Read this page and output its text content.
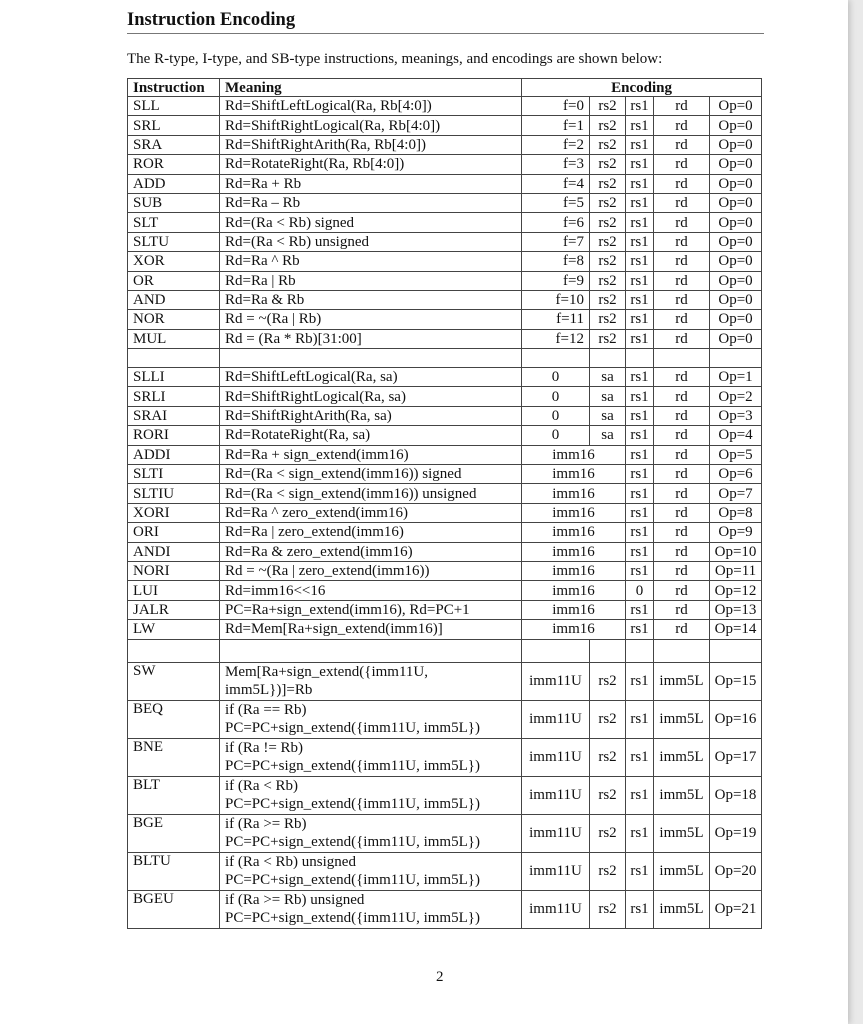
Instruction Encoding

The R-type, I-type, and SB-type instructions, meanings, and encodings are shown below:

Instruction	Meaning	Encoding				
SLL	Rd=ShiftLeftLogical(Ra, Rb[4:0])	f=0	rs2	rs1	rd	Op=0
SRL	Rd=ShiftRightLogical(Ra, Rb[4:0])	f=1	rs2	rs1	rd	Op=0
SRA	Rd=ShiftRightArith(Ra, Rb[4:0])	f=2	rs2	rs1	rd	Op=0
ROR	Rd=RotateRight(Ra, Rb[4:0])	f=3	rs2	rs1	rd	Op=0
ADD	Rd=Ra + Rb	f=4	rs2	rs1	rd	Op=0
SUB	Rd=Ra – Rb	f=5	rs2	rs1	rd	Op=0
SLT	Rd=(Ra < Rb) signed	f=6	rs2	rs1	rd	Op=0
SLTU	Rd=(Ra < Rb) unsigned	f=7	rs2	rs1	rd	Op=0
XOR	Rd=Ra ^ Rb	f=8	rs2	rs1	rd	Op=0
OR	Rd=Ra | Rb	f=9	rs2	rs1	rd	Op=0
AND	Rd=Ra & Rb	f=10	rs2	rs1	rd	Op=0
NOR	Rd = ~(Ra | Rb)	f=11	rs2	rs1	rd	Op=0
MUL	Rd = (Ra * Rb)[31:00]	f=12	rs2	rs1	rd	Op=0

SLLI	Rd=ShiftLeftLogical(Ra, sa)	0	sa	rs1	rd	Op=1
SRLI	Rd=ShiftRightLogical(Ra, sa)	0	sa	rs1	rd	Op=2
SRAI	Rd=ShiftRightArith(Ra, sa)	0	sa	rs1	rd	Op=3
RORI	Rd=RotateRight(Ra, sa)	0	sa	rs1	rd	Op=4
ADDI	Rd=Ra + sign_extend(imm16)	imm16		rs1	rd	Op=5
SLTI	Rd=(Ra < sign_extend(imm16)) signed	imm16		rs1	rd	Op=6
SLTIU	Rd=(Ra < sign_extend(imm16)) unsigned	imm16		rs1	rd	Op=7
XORI	Rd=Ra ^ zero_extend(imm16)	imm16		rs1	rd	Op=8
ORI	Rd=Ra | zero_extend(imm16)	imm16		rs1	rd	Op=9
ANDI	Rd=Ra & zero_extend(imm16)	imm16		rs1	rd	Op=10
NORI	Rd = ~(Ra | zero_extend(imm16))	imm16		rs1	rd	Op=11
LUI	Rd=imm16<<16	imm16		0	rd	Op=12
JALR	PC=Ra+sign_extend(imm16), Rd=PC+1	imm16		rs1	rd	Op=13
LW	Rd=Mem[Ra+sign_extend(imm16)]	imm16		rs1	rd	Op=14

SW	Mem[Ra+sign_extend({imm11U,
imm5L})]=Rb	imm11U	rs2	rs1	imm5L	Op=15
BEQ	if (Ra == Rb)
PC=PC+sign_extend({imm11U, imm5L})	imm11U	rs2	rs1	imm5L	Op=16
BNE	if (Ra != Rb)
PC=PC+sign_extend({imm11U, imm5L})	imm11U	rs2	rs1	imm5L	Op=17
BLT	if (Ra < Rb)
PC=PC+sign_extend({imm11U, imm5L})	imm11U	rs2	rs1	imm5L	Op=18
BGE	if (Ra >= Rb)
PC=PC+sign_extend({imm11U, imm5L})	imm11U	rs2	rs1	imm5L	Op=19
BLTU	if (Ra < Rb) unsigned
PC=PC+sign_extend({imm11U, imm5L})	imm11U	rs2	rs1	imm5L	Op=20
BGEU	if (Ra >= Rb) unsigned
PC=PC+sign_extend({imm11U, imm5L})	imm11U	rs2	rs1	imm5L	Op=21
2
